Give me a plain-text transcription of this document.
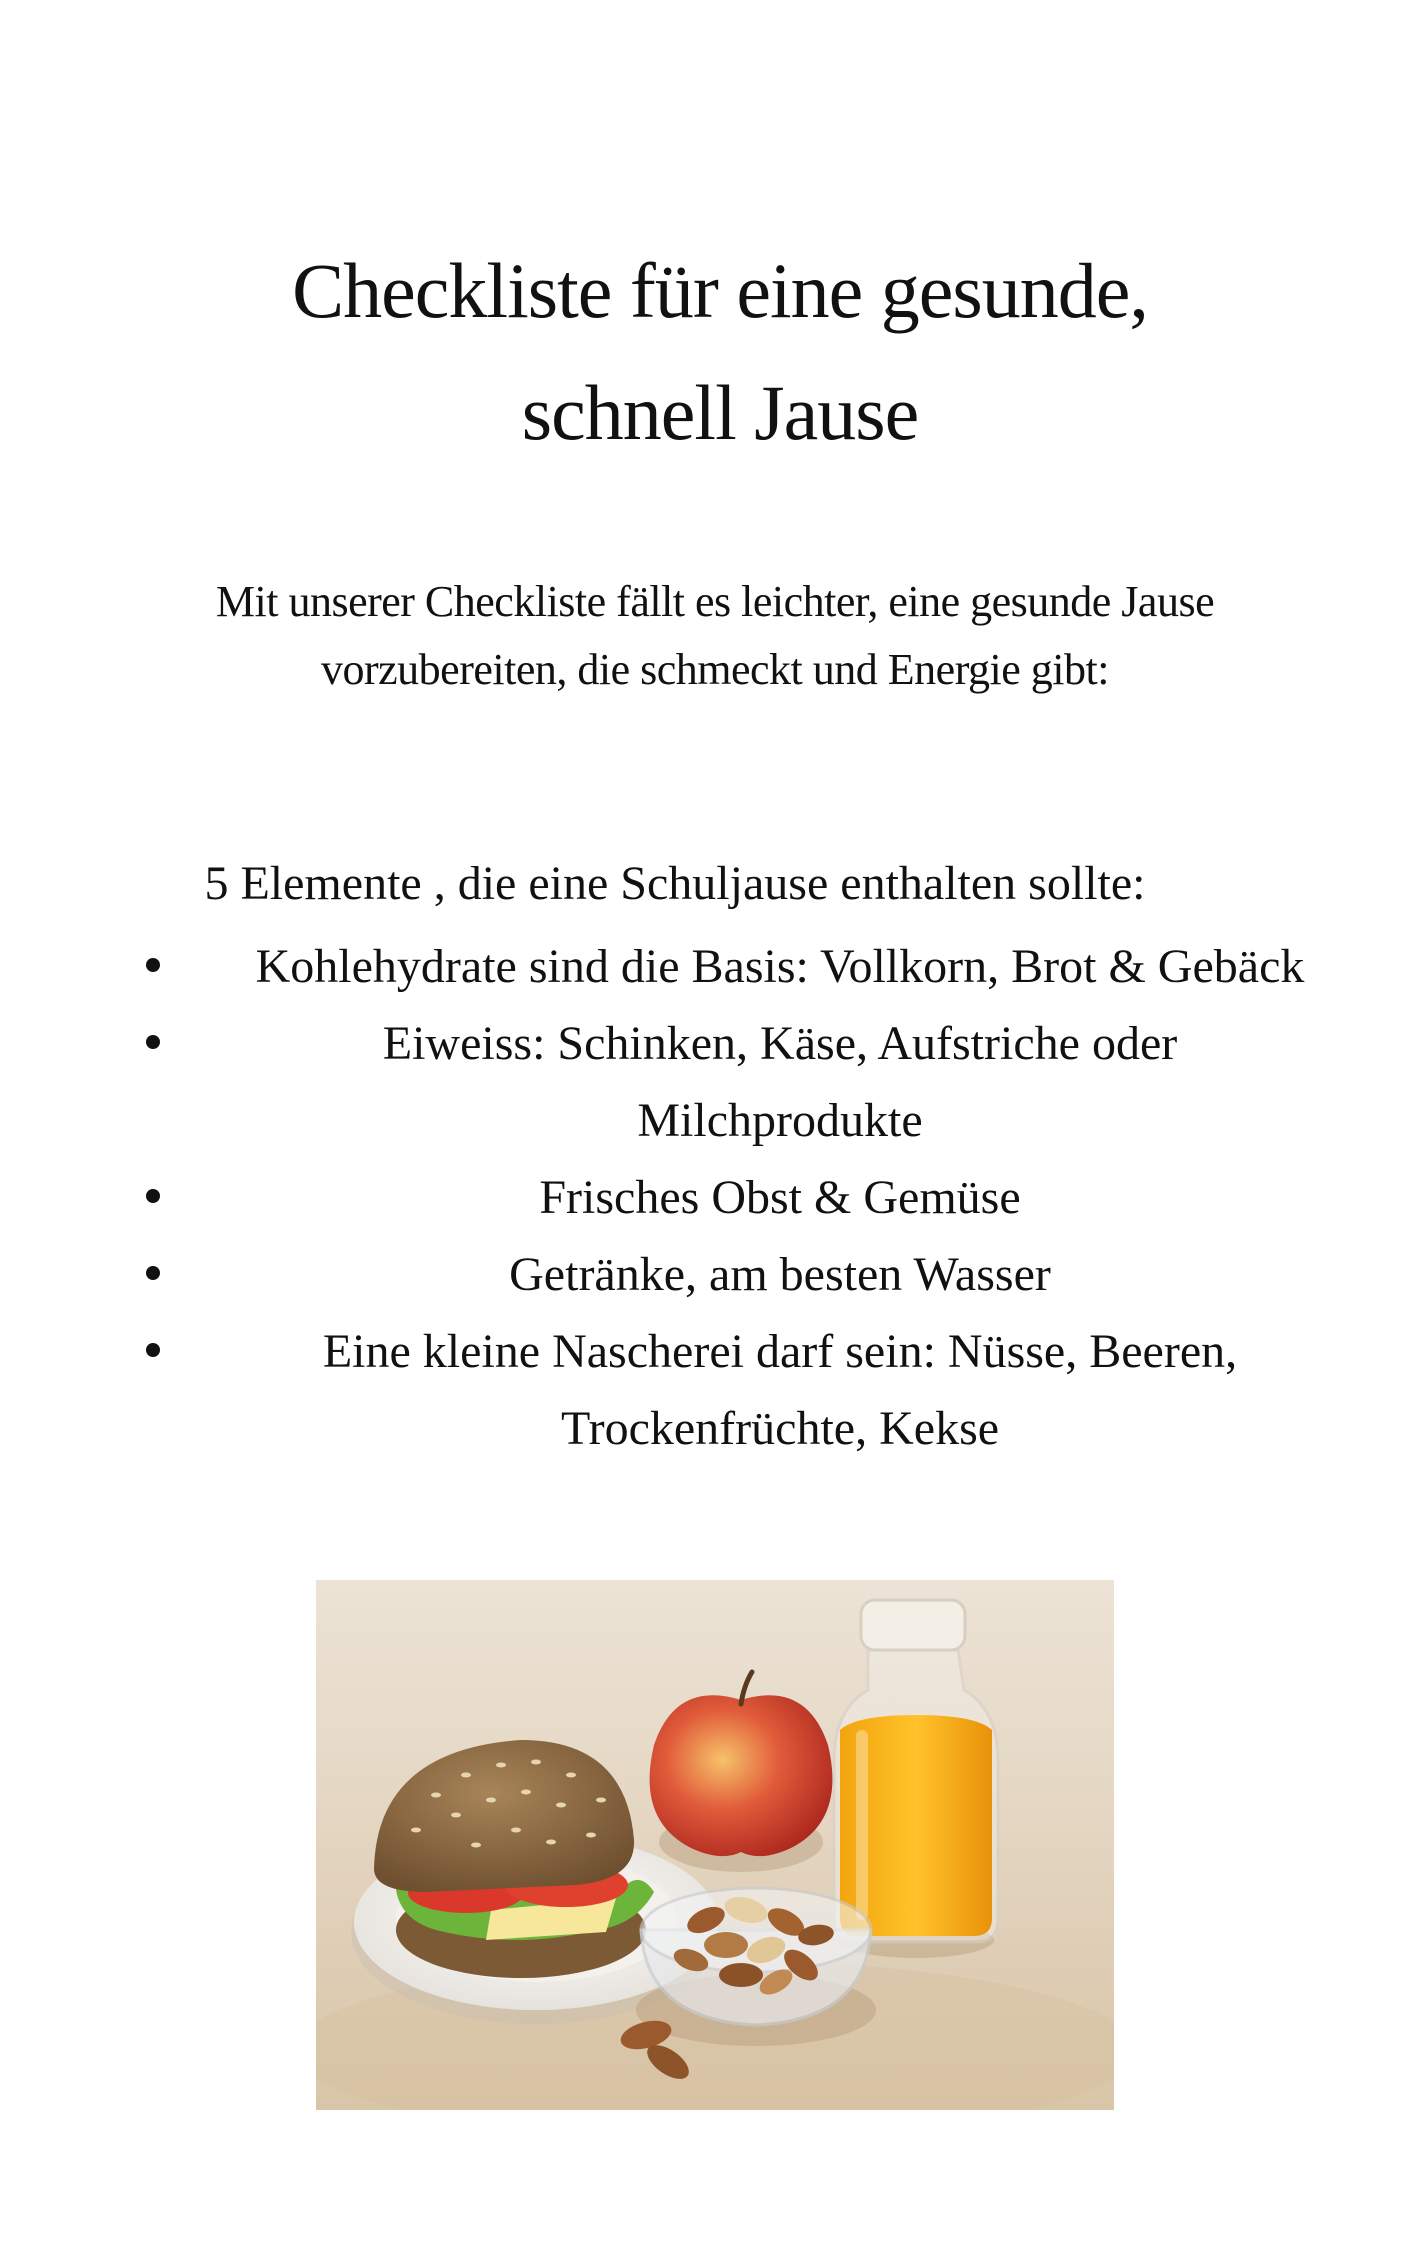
Checkliste für eine gesunde,
schnell Jause

Mit unserer Checkliste fällt es leichter, eine gesunde Jause
vorzubereiten, die schmeckt und Energie gibt:

5 Elemente , die eine Schuljause enthalten sollte:

Kohlehydrate sind die Basis: Vollkorn, Brot & Gebäck
Eiweiss: Schinken, Käse, Aufstriche oder Milchprodukte
Frisches Obst & Gemüse
Getränke, am besten Wasser
Eine kleine Nascherei darf sein: Nüsse, Beeren, Trockenfrüchte, Kekse
